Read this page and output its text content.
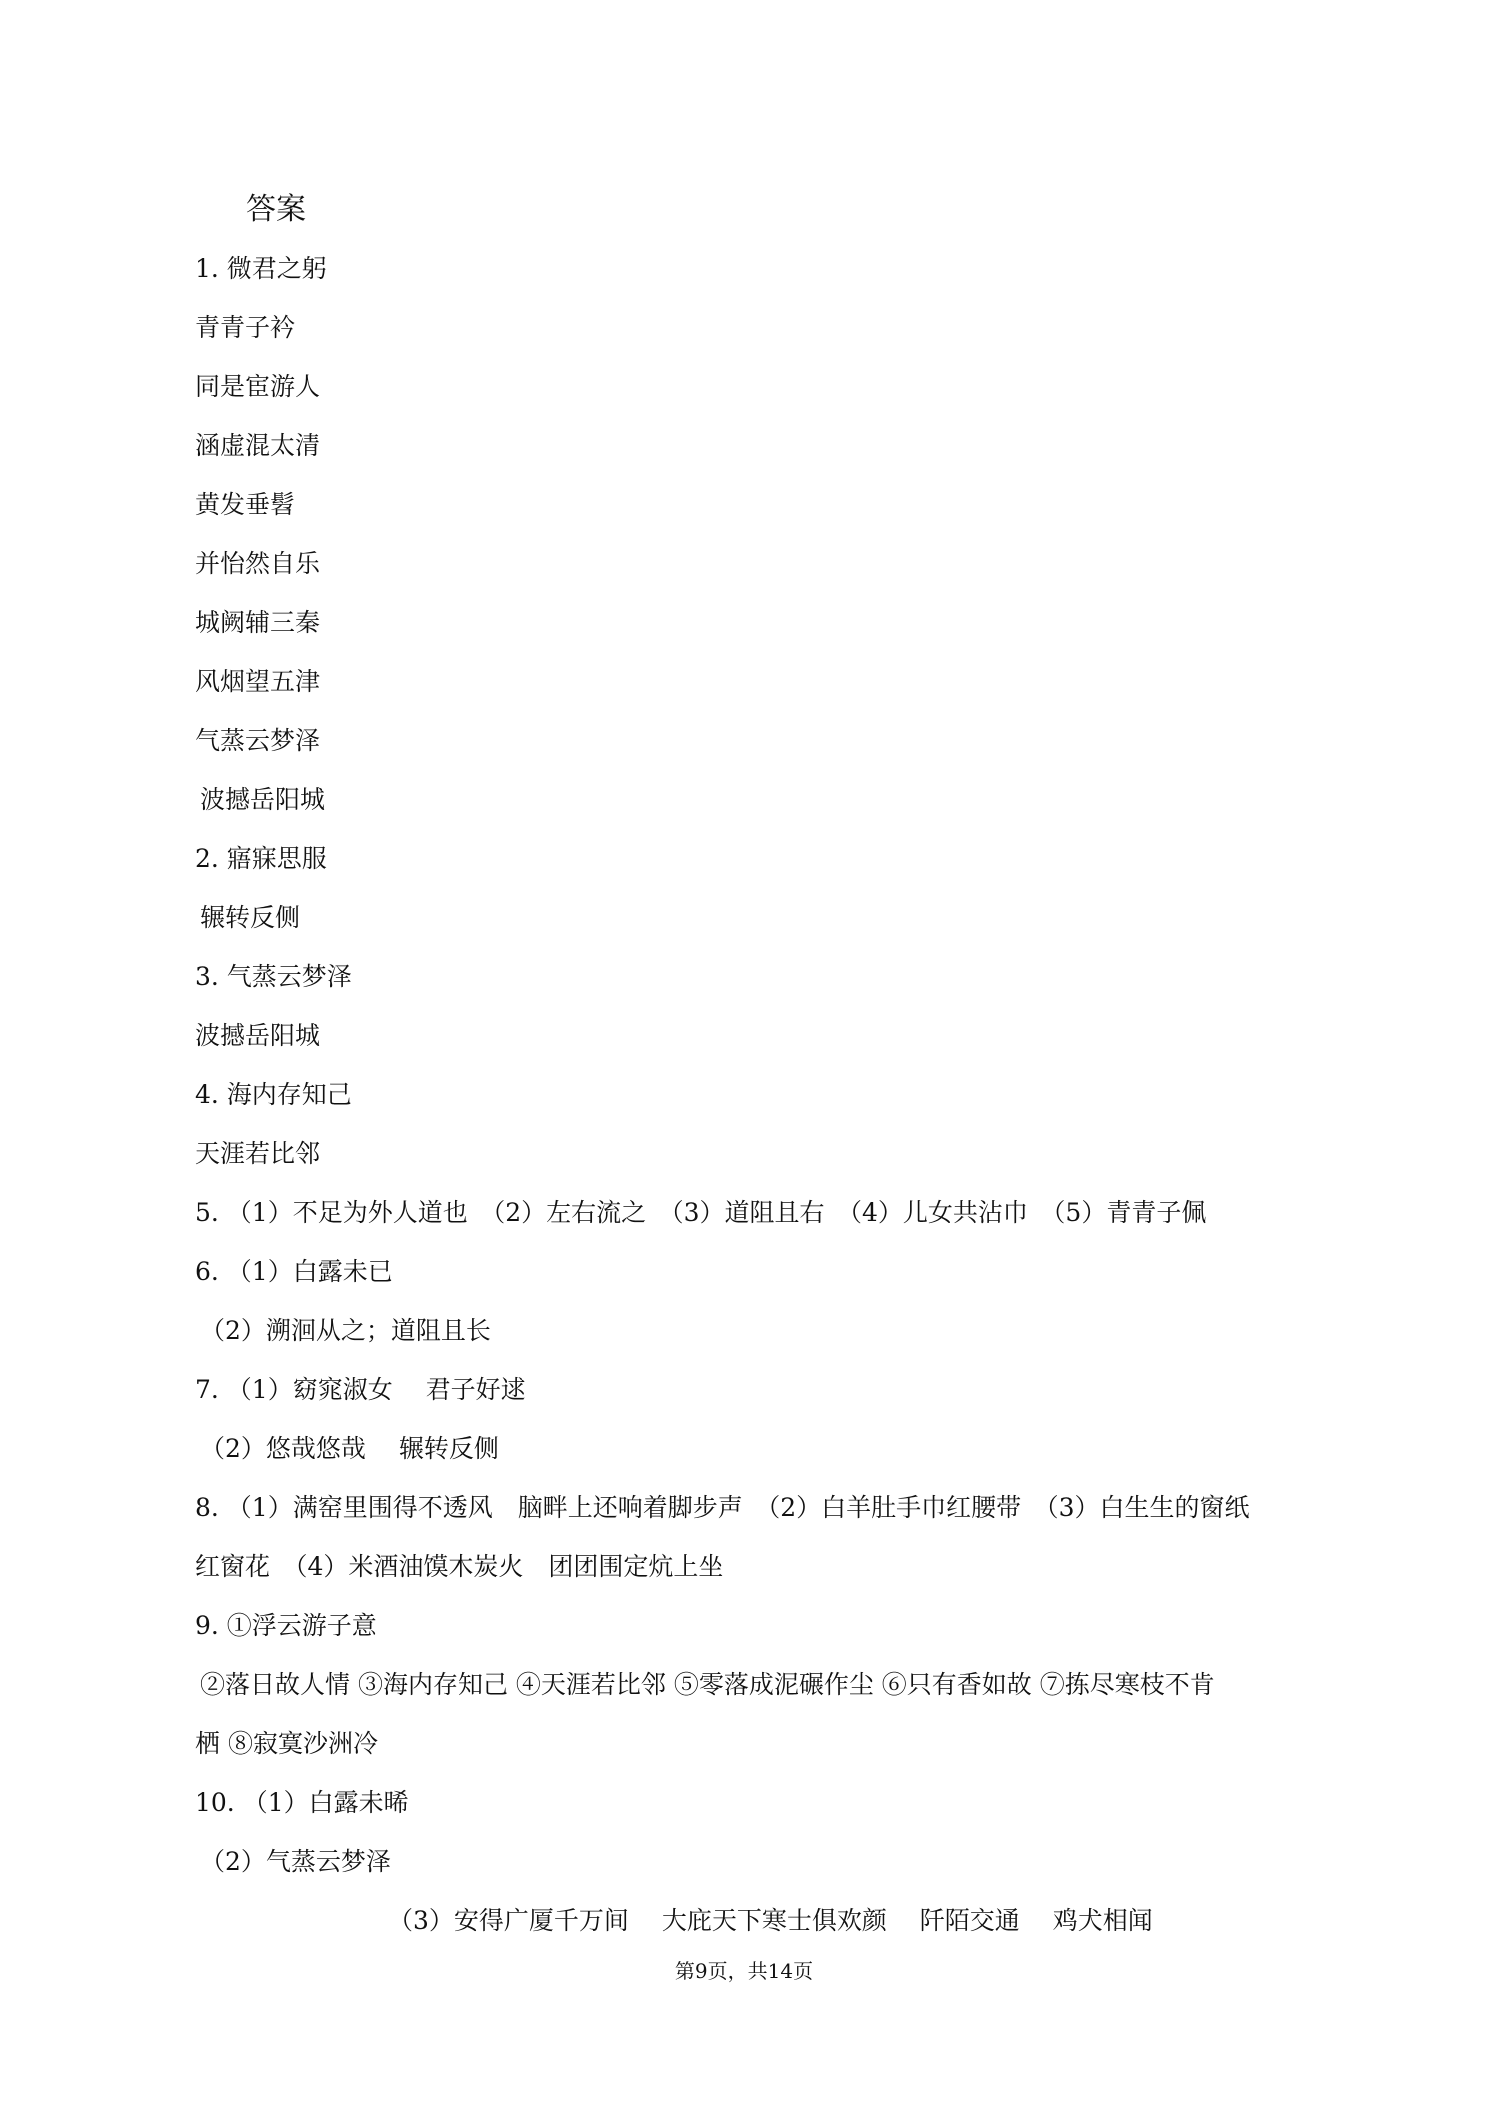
答案
1. 微君之躬
青青子衿
同是宦游人
涵虚混太清
黄发垂髫
并怡然自乐
城阙辅三秦
风烟望五津
气蒸云梦泽
波撼岳阳城
2. 寤寐思服
辗转反侧
3. 气蒸云梦泽
波撼岳阳城
4. 海内存知己
天涯若比邻
5. （1）不足为外人道也　（2）左右流之　（3）道阻且右　（4）儿女共沾巾　（5）青青子佩
6. （1）白露未已
（2）溯洄从之；道阻且长
7. （1）窈窕淑女　 君子好逑
（2）悠哉悠哉　 辗转反侧
8. （1）满窑里围得不透风　脑畔上还响着脚步声　（2）白羊肚手巾红腰带　（3）白生生的窗纸
红窗花　（4）米酒油馍木炭火　团团围定炕上坐
9. ①浮云游子意
②落日故人情 ③海内存知己 ④天涯若比邻 ⑤零落成泥碾作尘 ⑥只有香如故 ⑦拣尽寒枝不肯
栖 ⑧寂寞沙洲冷
10. （1）白露未晞
（2）气蒸云梦泽
（3）安得广厦千万间　 大庇天下寒士俱欢颜　 阡陌交通　 鸡犬相闻
第9页，共14页
